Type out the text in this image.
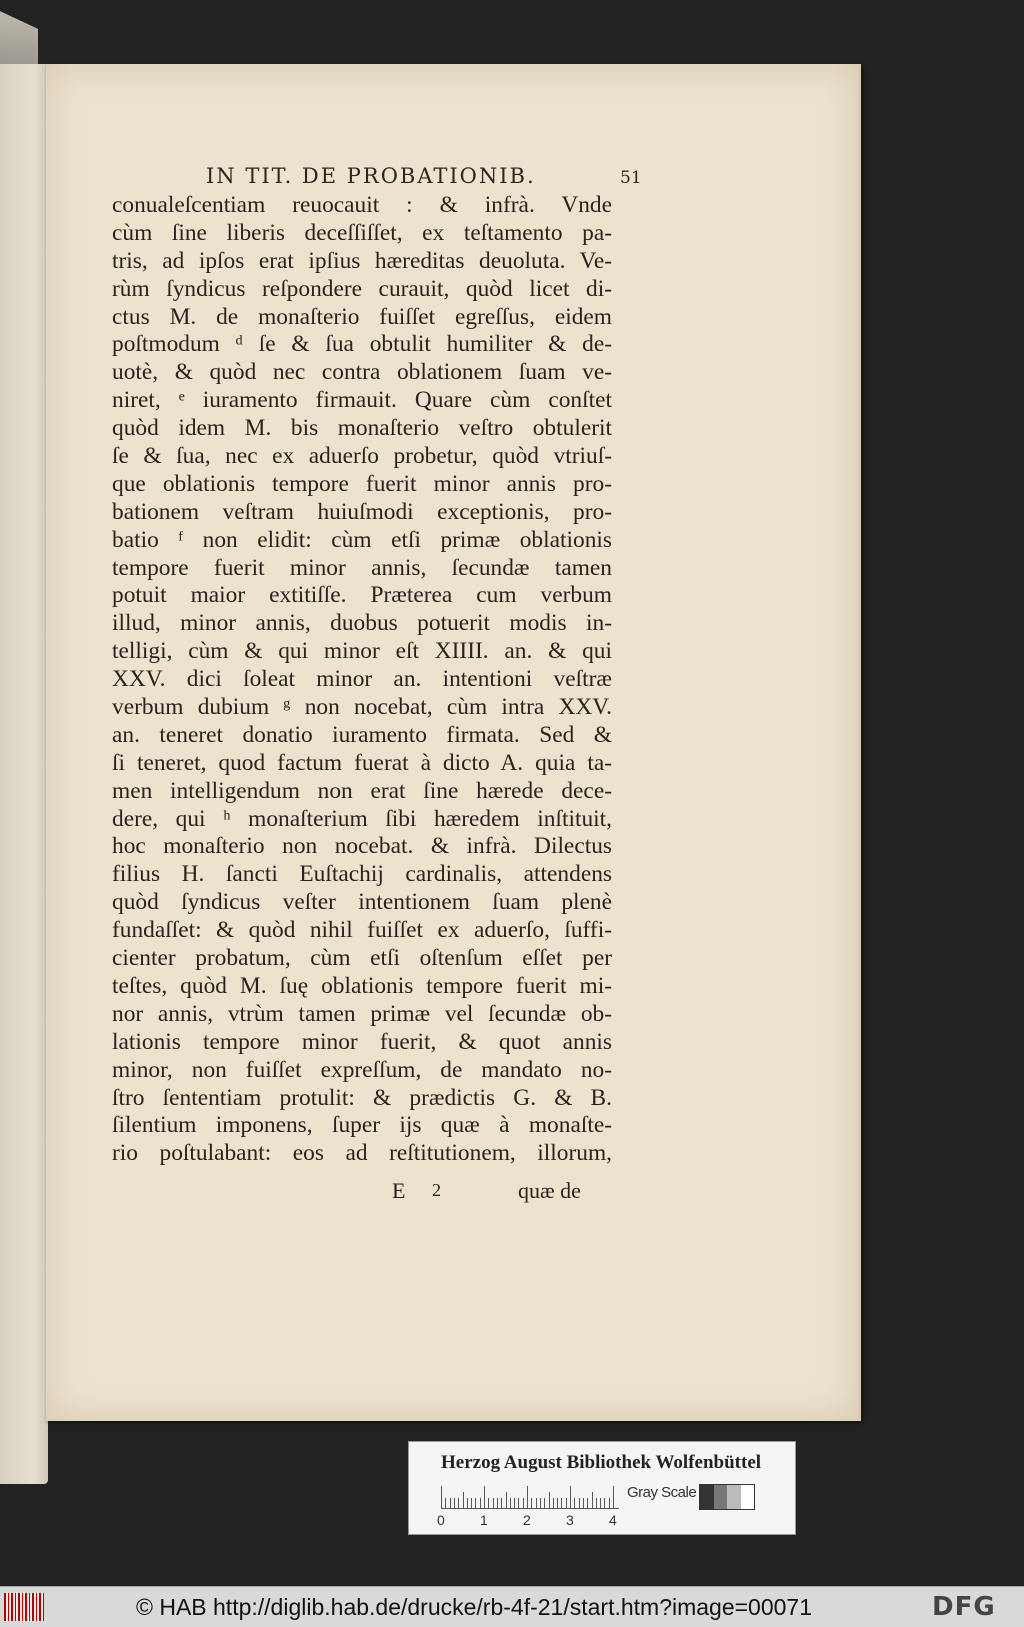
IN TIT. DE PROBATIONIB.	51
conualeſcentiam reuocauit : & infrà. Vnde
cùm ſine liberis deceſſiſſet, ex teſtamento pa-
tris, ad ipſos erat ipſius hæreditas deuoluta. Ve-
rùm ſyndicus reſpondere curauit, quòd licet di-
ctus M. de monaſterio fuiſſet egreſſus, eidem
poſtmodum ᵈ ſe & ſua obtulit humiliter & de-
uotè, & quòd nec contra oblationem ſuam ve-
niret, ᵉ iuramento firmauit. Quare cùm conſtet
quòd idem M. bis monaſterio veſtro obtulerit
ſe & ſua, nec ex aduerſo probetur, quòd vtriuſ-
que oblationis tempore fuerit minor annis pro-
bationem veſtram huiuſmodi exceptionis, pro-
batio ᶠ non elidit: cùm etſi primæ oblationis
tempore fuerit minor annis, ſecundæ tamen
potuit maior extitiſſe. Præterea cum verbum
illud, minor annis, duobus potuerit modis in-
telligi, cùm & qui minor eſt XIIII. an. & qui
XXV. dici ſoleat minor an. intentioni veſtræ
verbum dubium ᵍ non nocebat, cùm intra XXV.
an. teneret donatio iuramento firmata. Sed &
ſi teneret, quod factum fuerat à dicto A. quia ta-
men intelligendum non erat ſine hærede dece-
dere, qui ʰ monaſterium ſibi hæredem inſtituit,
hoc monaſterio non nocebat. & infrà. Dilectus
filius H. ſancti Euſtachij cardinalis, attendens
quòd ſyndicus veſter intentionem ſuam plenè
fundaſſet: & quòd nihil fuiſſet ex aduerſo, ſuffi-
cienter probatum, cùm etſi oſtenſum eſſet per
teſtes, quòd M. ſuę oblationis tempore fuerit mi-
nor annis, vtrùm tamen primæ vel ſecundæ ob-
lationis tempore minor fuerit, & quot annis
minor, non fuiſſet expreſſum, de mandato no-
ſtro ſententiam protulit: & prædictis G. & B.
ſilentium imponens, ſuper ijs quæ à monaſte-
rio poſtulabant: eos ad reſtitutionem, illorum,
E 2	quæ de
Herzog August Bibliothek Wolfenbüttel
0	1	2	3	4
Gray Scale
© HAB http://diglib.hab.de/drucke/rb-4f-21/start.htm?image=00071	DFG
